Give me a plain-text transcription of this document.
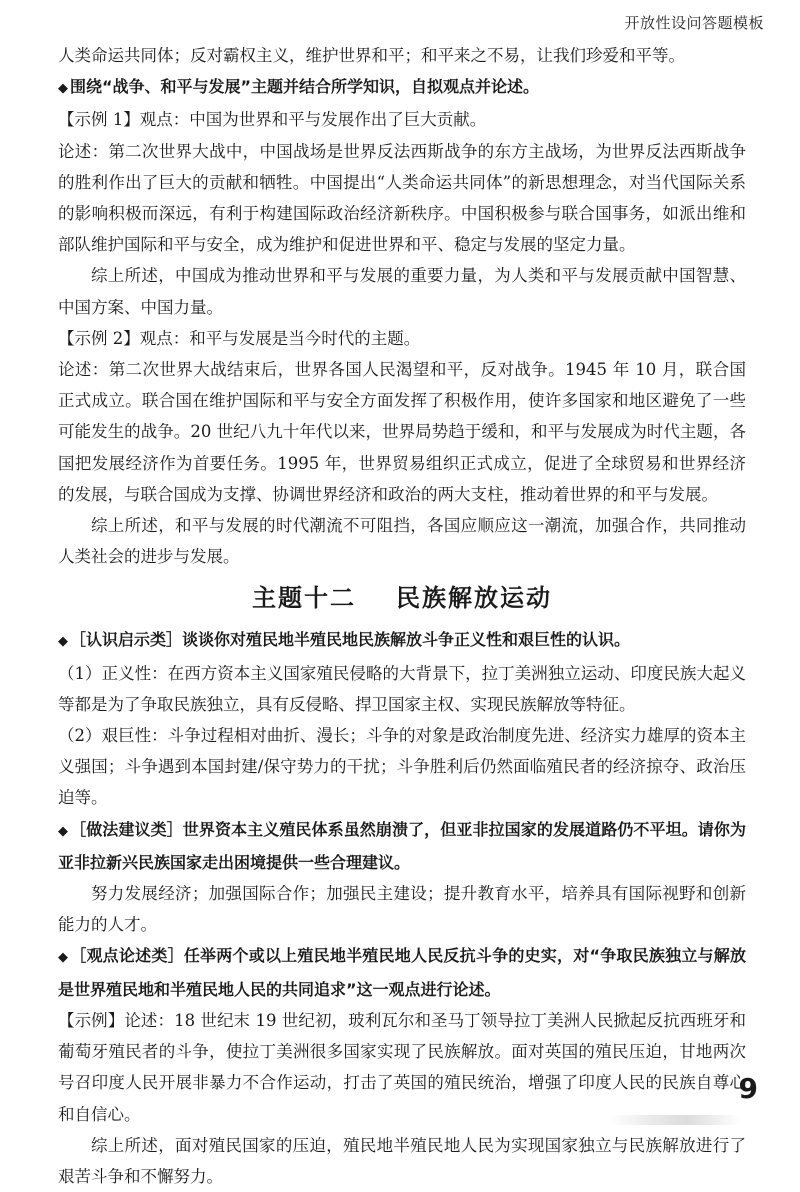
开放性设问答题模板

人类命运共同体；反对霸权主义，维护世界和平；和平来之不易，让我们珍爱和平等。

◆ 围绕“战争、和平与发展”主题并结合所学知识，自拟观点并论述。

【示例 1】观点：中国为世界和平与发展作出了巨大贡献。

论述：第二次世界大战中，中国战场是世界反法西斯战争的东方主战场，为世界反法西斯战争的胜利作出了巨大的贡献和牺牲。中国提出“人类命运共同体”的新思想理念，对当代国际关系的影响积极而深远，有利于构建国际政治经济新秩序。中国积极参与联合国事务，如派出维和部队维护国际和平与安全，成为维护和促进世界和平、稳定与发展的坚定力量。

综上所述，中国成为推动世界和平与发展的重要力量，为人类和平与发展贡献中国智慧、中国方案、中国力量。

【示例 2】观点：和平与发展是当今时代的主题。

论述：第二次世界大战结束后，世界各国人民渴望和平，反对战争。1945 年 10 月，联合国正式成立。联合国在维护国际和平与安全方面发挥了积极作用，使许多国家和地区避免了一些可能发生的战争。20 世纪八九十年代以来，世界局势趋于缓和，和平与发展成为时代主题，各国把发展经济作为首要任务。1995 年，世界贸易组织正式成立，促进了全球贸易和世界经济的发展，与联合国成为支撑、协调世界经济和政治的两大支柱，推动着世界的和平与发展。

综上所述，和平与发展的时代潮流不可阻挡，各国应顺应这一潮流，加强合作，共同推动人类社会的进步与发展。

主题十二 民族解放运动

◆ ［认识启示类］谈谈你对殖民地半殖民地民族解放斗争正义性和艰巨性的认识。

（1）正义性：在西方资本主义国家殖民侵略的大背景下，拉丁美洲独立运动、印度民族大起义等都是为了争取民族独立，具有反侵略、捍卫国家主权、实现民族解放等特征。

（2）艰巨性：斗争过程相对曲折、漫长；斗争的对象是政治制度先进、经济实力雄厚的资本主义强国；斗争遇到本国封建/保守势力的干扰；斗争胜利后仍然面临殖民者的经济掠夺、政治压迫等。

◆ ［做法建议类］世界资本主义殖民体系虽然崩溃了，但亚非拉国家的发展道路仍不平坦。请你为亚非拉新兴民族国家走出困境提供一些合理建议。

努力发展经济；加强国际合作；加强民主建设；提升教育水平，培养具有国际视野和创新能力的人才。

◆ ［观点论述类］任举两个或以上殖民地半殖民地人民反抗斗争的史实，对“争取民族独立与解放是世界殖民地和半殖民地人民的共同追求”这一观点进行论述。

【示例】论述：18 世纪末 19 世纪初，玻利瓦尔和圣马丁领导拉丁美洲人民掀起反抗西班牙和葡萄牙殖民者的斗争，使拉丁美洲很多国家实现了民族解放。面对英国的殖民压迫，甘地两次号召印度人民开展非暴力不合作运动，打击了英国的殖民统治，增强了印度人民的民族自尊心和自信心。

综上所述，面对殖民国家的压迫，殖民地半殖民地人民为实现国家独立与民族解放进行了艰苦斗争和不懈努力。

9
